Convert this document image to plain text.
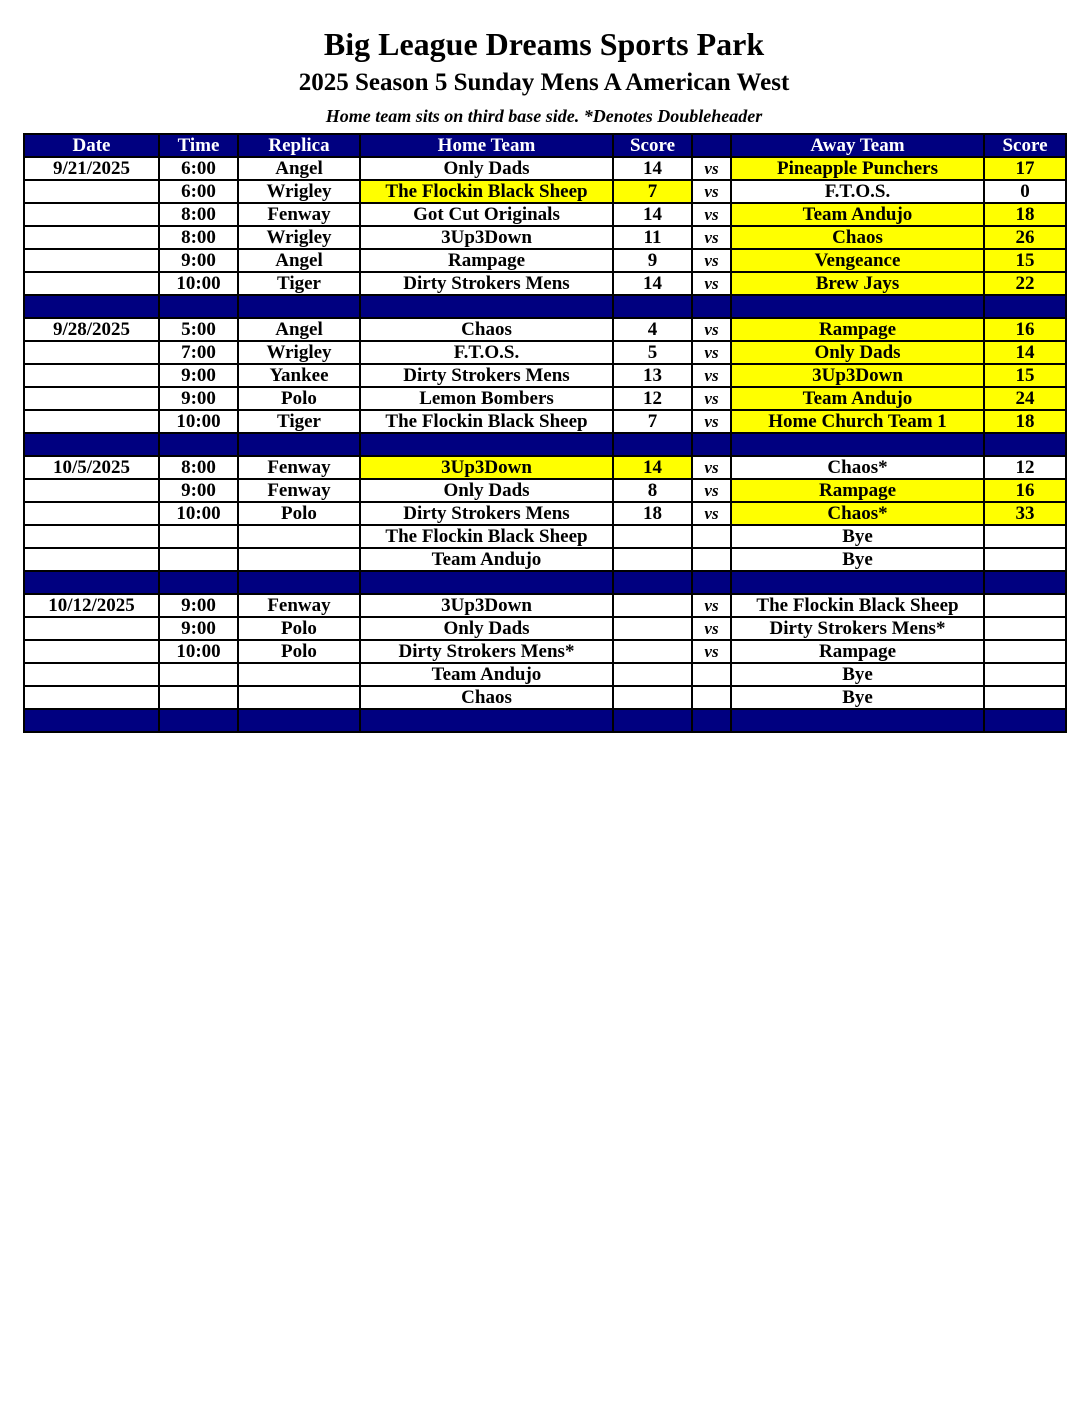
Big League Dreams Sports Park
2025 Season 5 Sunday Mens A American West
Home team sits on third base side. *Denotes Doubleheader
Date	Time	Replica	Home Team	Score		Away Team	Score
9/21/2025	6:00	Angel	Only Dads	14	vs	Pineapple Punchers	17
	6:00	Wrigley	The Flockin Black Sheep	7	vs	F.T.O.S.	0
	8:00	Fenway	Got Cut Originals	14	vs	Team Andujo	18
	8:00	Wrigley	3Up3Down	11	vs	Chaos	26
	9:00	Angel	Rampage	9	vs	Vengeance	15
	10:00	Tiger	Dirty Strokers Mens	14	vs	Brew Jays	22

9/28/2025	5:00	Angel	Chaos	4	vs	Rampage	16
	7:00	Wrigley	F.T.O.S.	5	vs	Only Dads	14
	9:00	Yankee	Dirty Strokers Mens	13	vs	3Up3Down	15
	9:00	Polo	Lemon Bombers	12	vs	Team Andujo	24
	10:00	Tiger	The Flockin Black Sheep	7	vs	Home Church Team 1	18

10/5/2025	8:00	Fenway	3Up3Down	14	vs	Chaos*	12
	9:00	Fenway	Only Dads	8	vs	Rampage	16
	10:00	Polo	Dirty Strokers Mens	18	vs	Chaos*	33
			The Flockin Black Sheep			Bye	
			Team Andujo			Bye	

10/12/2025	9:00	Fenway	3Up3Down		vs	The Flockin Black Sheep	
	9:00	Polo	Only Dads		vs	Dirty Strokers Mens*	
	10:00	Polo	Dirty Strokers Mens*		vs	Rampage	
			Team Andujo			Bye	
			Chaos			Bye	
